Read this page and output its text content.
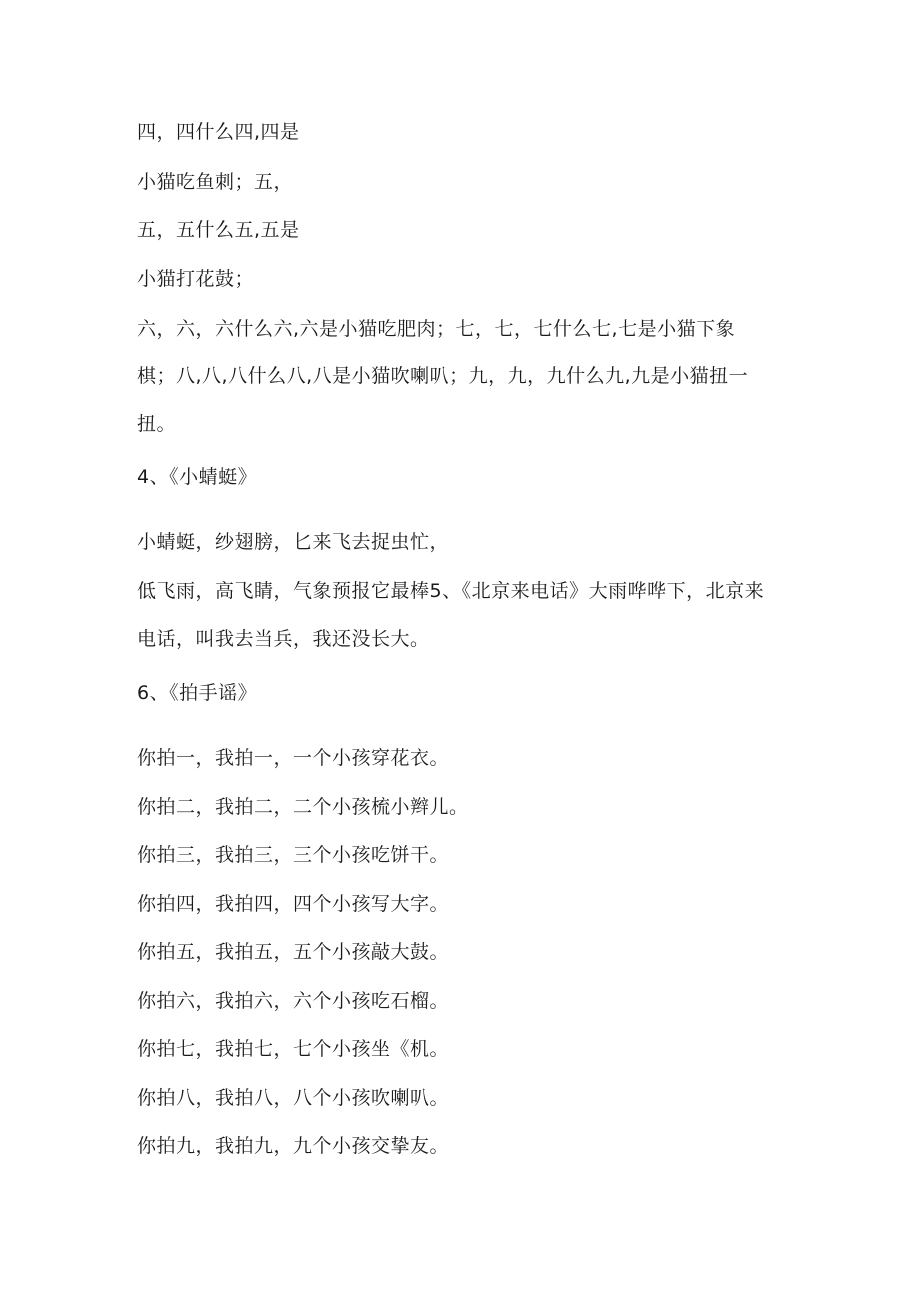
四，四什么四,四是
小猫吃鱼刺；五，
五，五什么五,五是
小猫打花鼓；
六，六，六什么六,六是小猫吃肥肉；七，七，七什么七,七是小猫下象
棋；八,八,八什么八,八是小猫吹喇叭；九，九，九什么九,九是小猫扭一
扭。
4、《小蜻蜓》
小蜻蜓，纱翅膀，匕来飞去捉虫忙，
低飞雨，高飞睛，气象预报它最棒5、《北京来电话》大雨哗哗下，北京来
电话，叫我去当兵，我还没长大。
6、《拍手谣》
你拍一，我拍一，一个小孩穿花衣。
你拍二，我拍二，二个小孩梳小辫儿。
你拍三，我拍三，三个小孩吃饼干。
你拍四，我拍四，四个小孩写大字。
你拍五，我拍五，五个小孩敲大鼓。
你拍六，我拍六，六个小孩吃石榴。
你拍七，我拍七，七个小孩坐《机。
你拍八，我拍八，八个小孩吹喇叭。
你拍九，我拍九，九个小孩交挚友。
